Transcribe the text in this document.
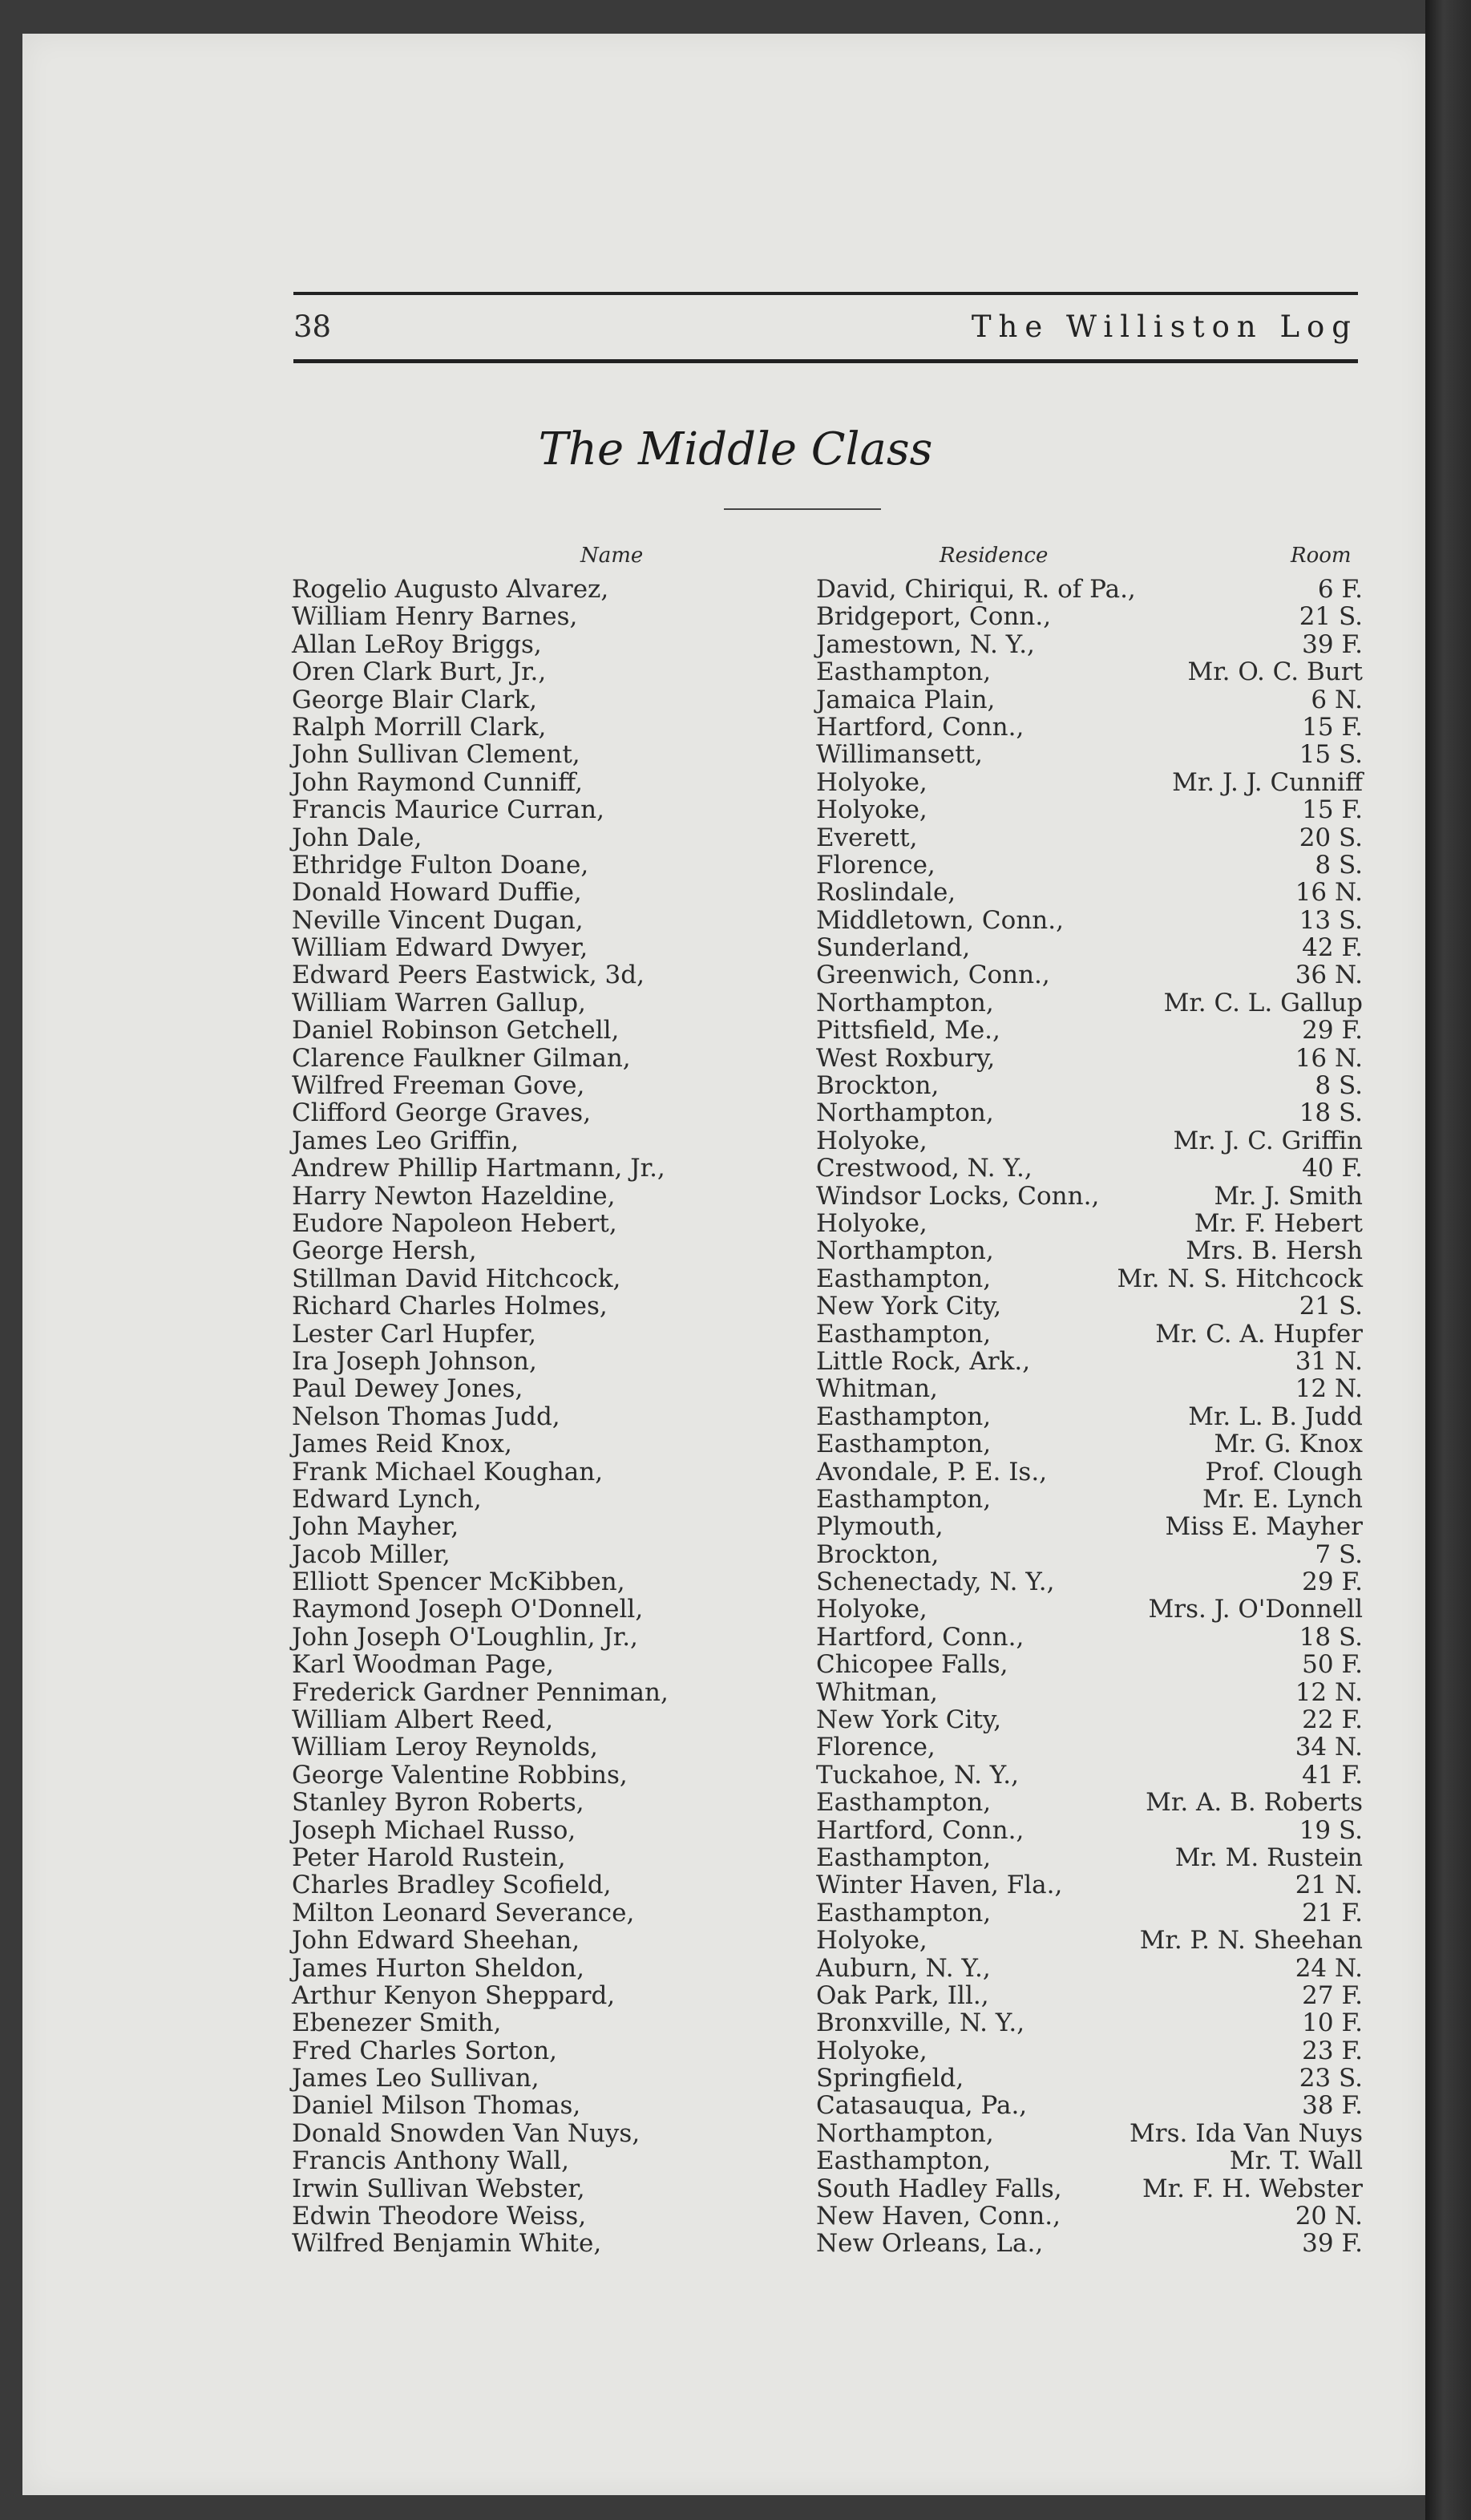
38	The Williston Log
The Middle Class
Name	Residence	Room
Rogelio Augusto Alvarez,	David, Chiriqui, R. of Pa.,	6 F.
William Henry Barnes,	Bridgeport, Conn.,	21 S.
Allan LeRoy Briggs,	Jamestown, N. Y.,	39 F.
Oren Clark Burt, Jr.,	Easthampton,	Mr. O. C. Burt
George Blair Clark,	Jamaica Plain,	6 N.
Ralph Morrill Clark,	Hartford, Conn.,	15 F.
John Sullivan Clement,	Willimansett,	15 S.
John Raymond Cunniff,	Holyoke,	Mr. J. J. Cunniff
Francis Maurice Curran,	Holyoke,	15 F.
John Dale,	Everett,	20 S.
Ethridge Fulton Doane,	Florence,	8 S.
Donald Howard Duffie,	Roslindale,	16 N.
Neville Vincent Dugan,	Middletown, Conn.,	13 S.
William Edward Dwyer,	Sunderland,	42 F.
Edward Peers Eastwick, 3d,	Greenwich, Conn.,	36 N.
William Warren Gallup,	Northampton,	Mr. C. L. Gallup
Daniel Robinson Getchell,	Pittsfield, Me.,	29 F.
Clarence Faulkner Gilman,	West Roxbury,	16 N.
Wilfred Freeman Gove,	Brockton,	8 S.
Clifford George Graves,	Northampton,	18 S.
James Leo Griffin,	Holyoke,	Mr. J. C. Griffin
Andrew Phillip Hartmann, Jr.,	Crestwood, N. Y.,	40 F.
Harry Newton Hazeldine,	Windsor Locks, Conn.,	Mr. J. Smith
Eudore Napoleon Hebert,	Holyoke,	Mr. F. Hebert
George Hersh,	Northampton,	Mrs. B. Hersh
Stillman David Hitchcock,	Easthampton,	Mr. N. S. Hitchcock
Richard Charles Holmes,	New York City,	21 S.
Lester Carl Hupfer,	Easthampton,	Mr. C. A. Hupfer
Ira Joseph Johnson,	Little Rock, Ark.,	31 N.
Paul Dewey Jones,	Whitman,	12 N.
Nelson Thomas Judd,	Easthampton,	Mr. L. B. Judd
James Reid Knox,	Easthampton,	Mr. G. Knox
Frank Michael Koughan,	Avondale, P. E. Is.,	Prof. Clough
Edward Lynch,	Easthampton,	Mr. E. Lynch
John Mayher,	Plymouth,	Miss E. Mayher
Jacob Miller,	Brockton,	7 S.
Elliott Spencer McKibben,	Schenectady, N. Y.,	29 F.
Raymond Joseph O'Donnell,	Holyoke,	Mrs. J. O'Donnell
John Joseph O'Loughlin, Jr.,	Hartford, Conn.,	18 S.
Karl Woodman Page,	Chicopee Falls,	50 F.
Frederick Gardner Penniman,	Whitman,	12 N.
William Albert Reed,	New York City,	22 F.
William Leroy Reynolds,	Florence,	34 N.
George Valentine Robbins,	Tuckahoe, N. Y.,	41 F.
Stanley Byron Roberts,	Easthampton,	Mr. A. B. Roberts
Joseph Michael Russo,	Hartford, Conn.,	19 S.
Peter Harold Rustein,	Easthampton,	Mr. M. Rustein
Charles Bradley Scofield,	Winter Haven, Fla.,	21 N.
Milton Leonard Severance,	Easthampton,	21 F.
John Edward Sheehan,	Holyoke,	Mr. P. N. Sheehan
James Hurton Sheldon,	Auburn, N. Y.,	24 N.
Arthur Kenyon Sheppard,	Oak Park, Ill.,	27 F.
Ebenezer Smith,	Bronxville, N. Y.,	10 F.
Fred Charles Sorton,	Holyoke,	23 F.
James Leo Sullivan,	Springfield,	23 S.
Daniel Milson Thomas,	Catasauqua, Pa.,	38 F.
Donald Snowden Van Nuys,	Northampton,	Mrs. Ida Van Nuys
Francis Anthony Wall,	Easthampton,	Mr. T. Wall
Irwin Sullivan Webster,	South Hadley Falls,	Mr. F. H. Webster
Edwin Theodore Weiss,	New Haven, Conn.,	20 N.
Wilfred Benjamin White,	New Orleans, La.,	39 F.
